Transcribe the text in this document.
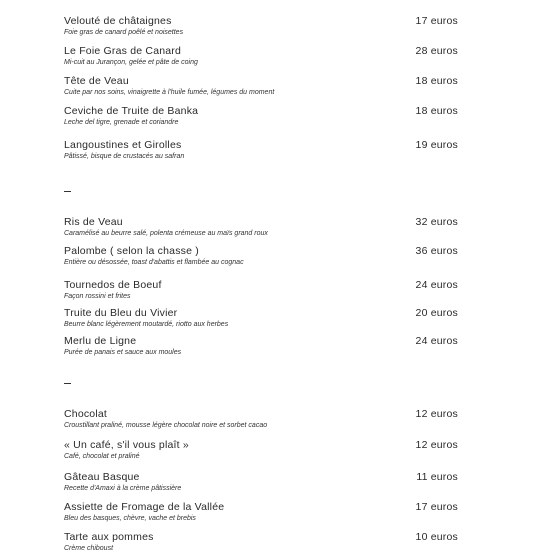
Velouté de châtaignes
Foie gras de canard poêlé et noisettes
17 euros
Le Foie Gras de Canard
Mi-cuit au Jurançon, gelée et pâte de coing
28 euros
Tête de Veau
Cuite par nos soins, vinaigrette à l'huile fumée, légumes du moment
18 euros
Ceviche de Truite de Banka
Leche del tigre, grenade et coriandre
18 euros
Langoustines et Girolles
Pâtissé, bisque de crustacés au safran
19 euros
Ris de Veau
Caramélisé au beurre salé, polenta crémeuse au maïs grand roux
32 euros
Palombe ( selon la chasse )
Entière ou désossée, toast d'abattis et flambée au cognac
36 euros
Tournedos de Boeuf
Façon rossini et frites
24 euros
Truite du Bleu du Vivier
Beurre blanc légèrement moutardé, riotto aux herbes
20 euros
Merlu de Ligne
Purée de panais et sauce aux moules
24 euros
Chocolat
Croustillant praliné, mousse légère chocolat noire et sorbet cacao
12 euros
« Un café, s'il vous plaît »
Café, chocolat et praliné
12 euros
Gâteau Basque
Recette d'Amaxi à la crème pâtissière
11 euros
Assiette de Fromage de la Vallée
Bleu des basques, chèvre, vache et brebis
17 euros
Tarte aux pommes
Crème chiboust
10 euros
